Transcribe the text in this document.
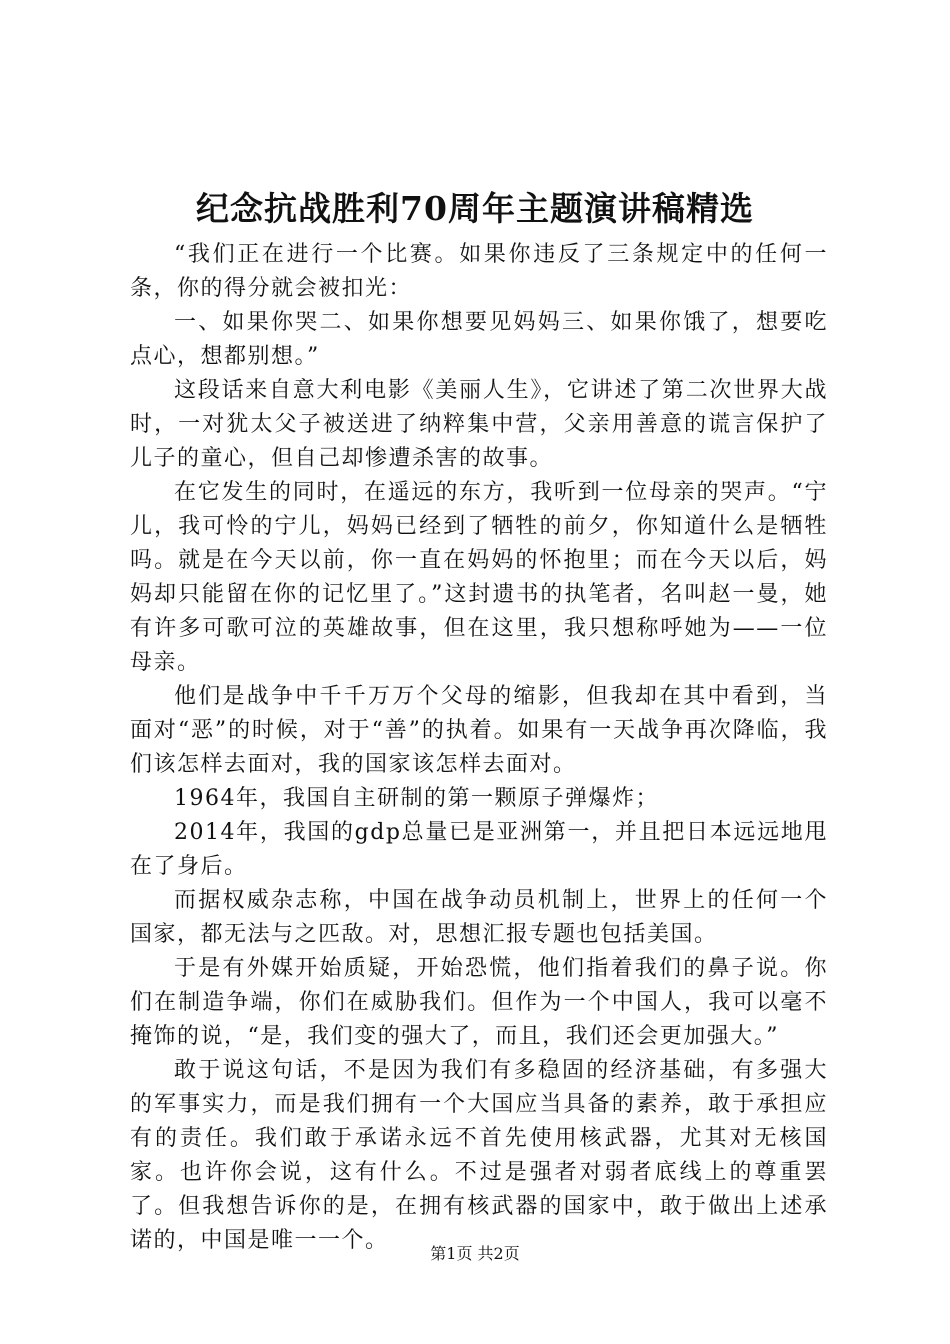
纪念抗战胜利70周年主题演讲稿精选

“我们正在进行一个比赛。如果你违反了三条规定中的任何一条，你的得分就会被扣光：

一、如果你哭二、如果你想要见妈妈三、如果你饿了，想要吃点心，想都别想。”

这段话来自意大利电影《美丽人生》，它讲述了第二次世界大战时，一对犹太父子被送进了纳粹集中营，父亲用善意的谎言保护了儿子的童心，但自己却惨遭杀害的故事。

在它发生的同时，在遥远的东方，我听到一位母亲的哭声。“宁儿，我可怜的宁儿，妈妈已经到了牺牲的前夕，你知道什么是牺牲吗。就是在今天以前，你一直在妈妈的怀抱里；而在今天以后，妈妈却只能留在你的记忆里了。”这封遗书的执笔者，名叫赵一曼，她有许多可歌可泣的英雄故事，但在这里，我只想称呼她为——一位母亲。

他们是战争中千千万万个父母的缩影，但我却在其中看到，当面对“恶”的时候，对于“善”的执着。如果有一天战争再次降临，我们该怎样去面对，我的国家该怎样去面对。

1964年，我国自主研制的第一颗原子弹爆炸；

2014年，我国的gdp总量已是亚洲第一，并且把日本远远地甩在了身后。

而据权威杂志称，中国在战争动员机制上，世界上的任何一个国家，都无法与之匹敌。对，思想汇报专题也包括美国。

于是有外媒开始质疑，开始恐慌，他们指着我们的鼻子说。你们在制造争端，你们在威胁我们。但作为一个中国人，我可以毫不掩饰的说，“是，我们变的强大了，而且，我们还会更加强大。”

敢于说这句话，不是因为我们有多稳固的经济基础，有多强大的军事实力，而是我们拥有一个大国应当具备的素养，敢于承担应有的责任。我们敢于承诺永远不首先使用核武器，尤其对无核国家。也许你会说，这有什么。不过是强者对弱者底线上的尊重罢了。但我想告诉你的是，在拥有核武器的国家中，敢于做出上述承诺的，中国是唯一一个。

第1页 共2页
